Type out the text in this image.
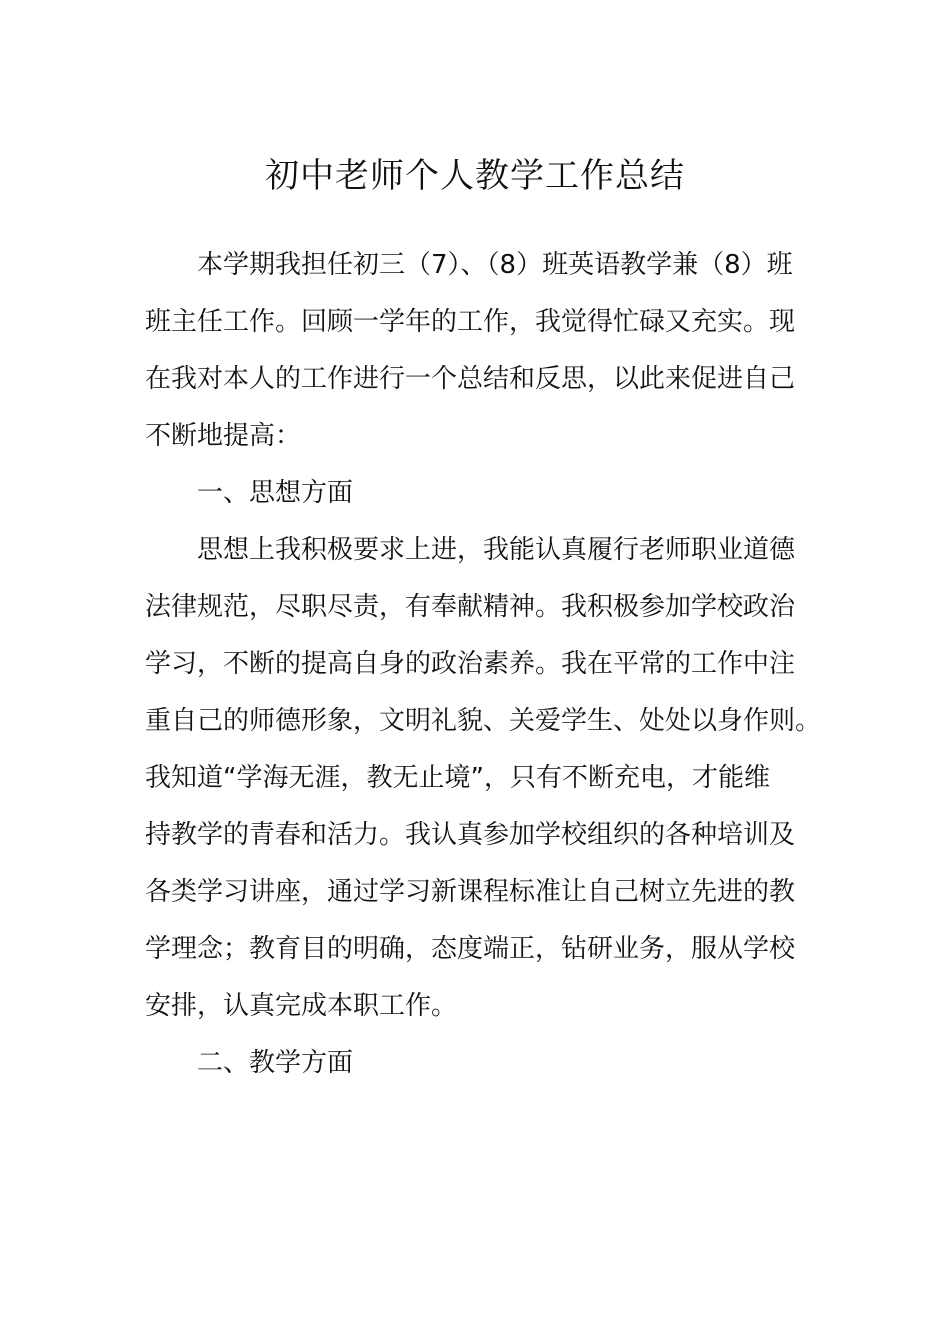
初中老师个人教学工作总结
本学期我担任初三（7）、（8）班英语教学兼（8）班
班主任工作。回顾一学年的工作，我觉得忙碌又充实。现
在我对本人的工作进行一个总结和反思，以此来促进自己
不断地提高：
一、思想方面
思想上我积极要求上进，我能认真履行老师职业道德
法律规范，尽职尽责，有奉献精神。我积极参加学校政治
学习，不断的提高自身的政治素养。我在平常的工作中注
重自己的师德形象，文明礼貌、关爱学生、处处以身作则。
我知道“学海无涯，教无止境”，只有不断充电，才能维
持教学的青春和活力。我认真参加学校组织的各种培训及
各类学习讲座，通过学习新课程标准让自己树立先进的教
学理念；教育目的明确，态度端正，钻研业务，服从学校
安排，认真完成本职工作。
二、教学方面
